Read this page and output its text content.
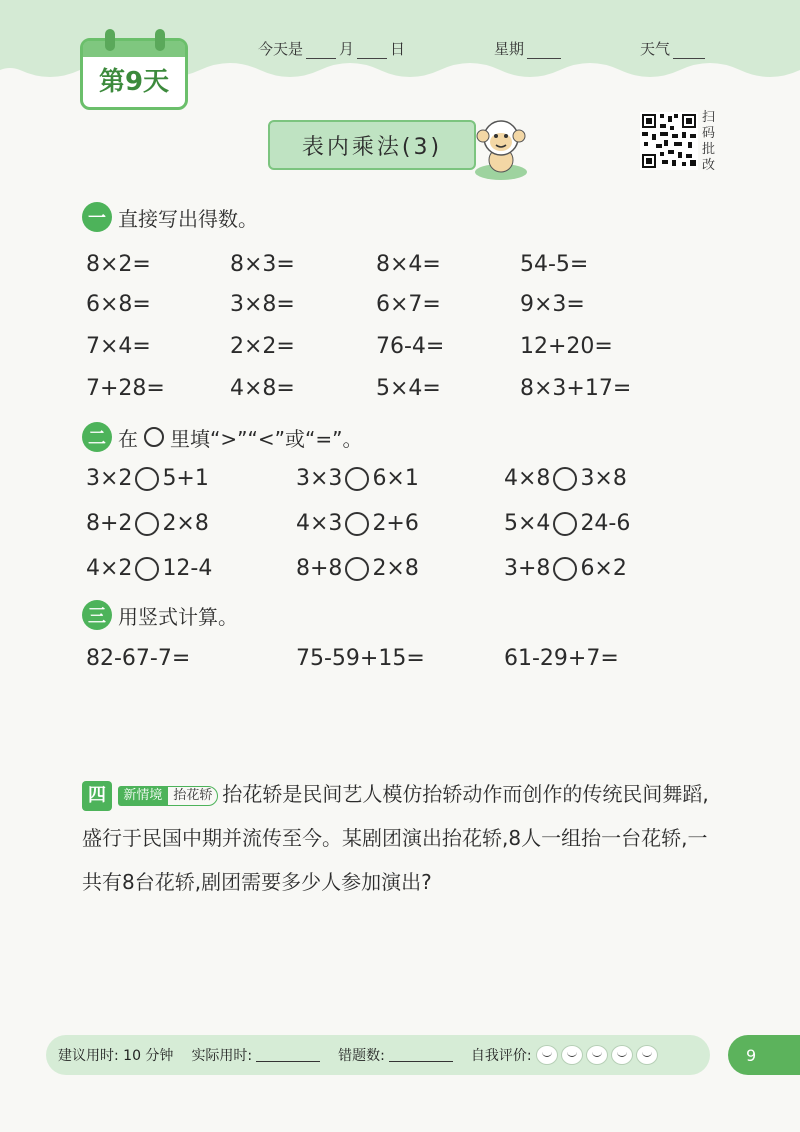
第9天
今天是 月 日	星期	天气
表内乘法(3)
扫
码
批
改
一 直接写出得数。
8×2=	8×3=	8×4=	54-5=
6×8=	3×8=	6×7=	9×3=
7×4=	2×2=	76-4=	12+20=
7+28=	4×8=	5×4=	8×3+17=
二 在 里填“>”“<”或“=”。
3×2 5+1	3×3 6×1	4×8 3×8
8+2 2×8	4×3 2+6	5×4 24-6
4×2 12-4	8+8 2×8	3+8 6×2
三 用竖式计算。
82-67-7=	75-59+15=	61-29+7=
四 新情境 抬花轿 抬花轿是民间艺人模仿抬轿动作而创作的传统民间舞蹈,盛行于民国中期并流传至今。某剧团演出抬花轿,8人一组抬一台花轿,一共有8台花轿,剧团需要多少人参加演出?
建议用时: 10 分钟 实际用时:	错题数:	自我评价:	9
